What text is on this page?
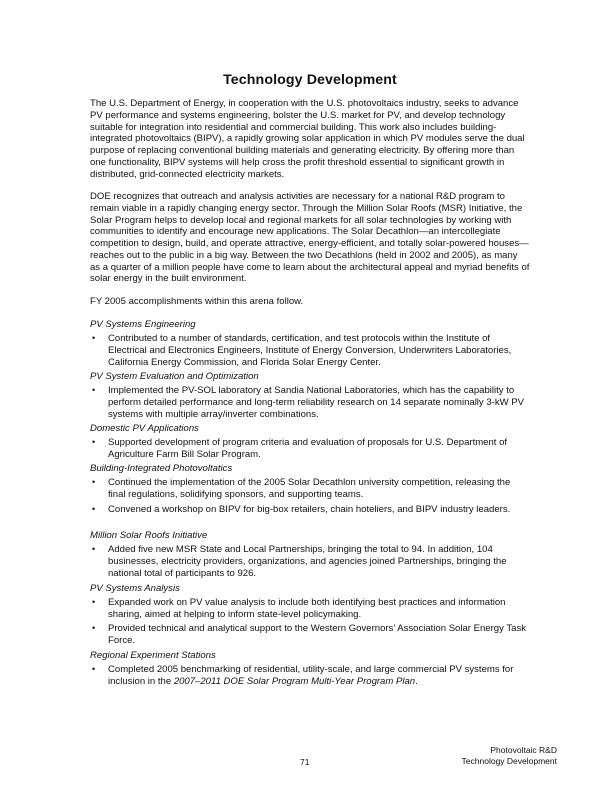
Technology Development

The U.S. Department of Energy, in cooperation with the U.S. photovoltaics industry, seeks to advance PV performance and systems engineering, bolster the U.S. market for PV, and develop technology suitable for integration into residential and commercial building. This work also includes building-integrated photovoltaics (BIPV), a rapidly growing solar application in which PV modules serve the dual purpose of replacing conventional building materials and generating electricity. By offering more than one functionality, BIPV systems will help cross the profit threshold essential to significant growth in distributed, grid-connected electricity markets.

DOE recognizes that outreach and analysis activities are necessary for a national R&D program to remain viable in a rapidly changing energy sector. Through the Million Solar Roofs (MSR) Initiative, the Solar Program helps to develop local and regional markets for all solar technologies by working with communities to identify and encourage new applications. The Solar Decathlon—an intercollegiate competition to design, build, and operate attractive, energy-efficient, and totally solar-powered houses—reaches out to the public in a big way. Between the two Decathlons (held in 2002 and 2005), as many as a quarter of a million people have come to learn about the architectural appeal and myriad benefits of solar energy in the built environment.

FY 2005 accomplishments within this arena follow.

PV Systems Engineering
• Contributed to a number of standards, certification, and test protocols within the Institute of Electrical and Electronics Engineers, Institute of Energy Conversion, Underwriters Laboratories, California Energy Commission, and Florida Solar Energy Center.
PV System Evaluation and Optimization
• Implemented the PV-SOL laboratory at Sandia National Laboratories, which has the capability to perform detailed performance and long-term reliability research on 14 separate nominally 3-kW PV systems with multiple array/inverter combinations.
Domestic PV Applications
• Supported development of program criteria and evaluation of proposals for U.S. Department of Agriculture Farm Bill Solar Program.
Building-Integrated Photovoltatics
• Continued the implementation of the 2005 Solar Decathlon university competition, releasing the final regulations, solidifying sponsors, and supporting teams.
• Convened a workshop on BIPV for big-box retailers, chain hoteliers, and BIPV industry leaders.
Million Solar Roofs Initiative
• Added five new MSR State and Local Partnerships, bringing the total to 94. In addition, 104 businesses, electricity providers, organizations, and agencies joined Partnerships, bringing the national total of participants to 926.
PV Systems Analysis
• Expanded work on PV value analysis to include both identifying best practices and information sharing, aimed at helping to inform state-level policymaking.
• Provided technical and analytical support to the Western Governors’ Association Solar Energy Task Force.
Regional Experiment Stations
• Completed 2005 benchmarking of residential, utility-scale, and large commercial PV systems for inclusion in the 2007–2011 DOE Solar Program Multi-Year Program Plan.
71
Photovoltaic R&D
Technology Development
